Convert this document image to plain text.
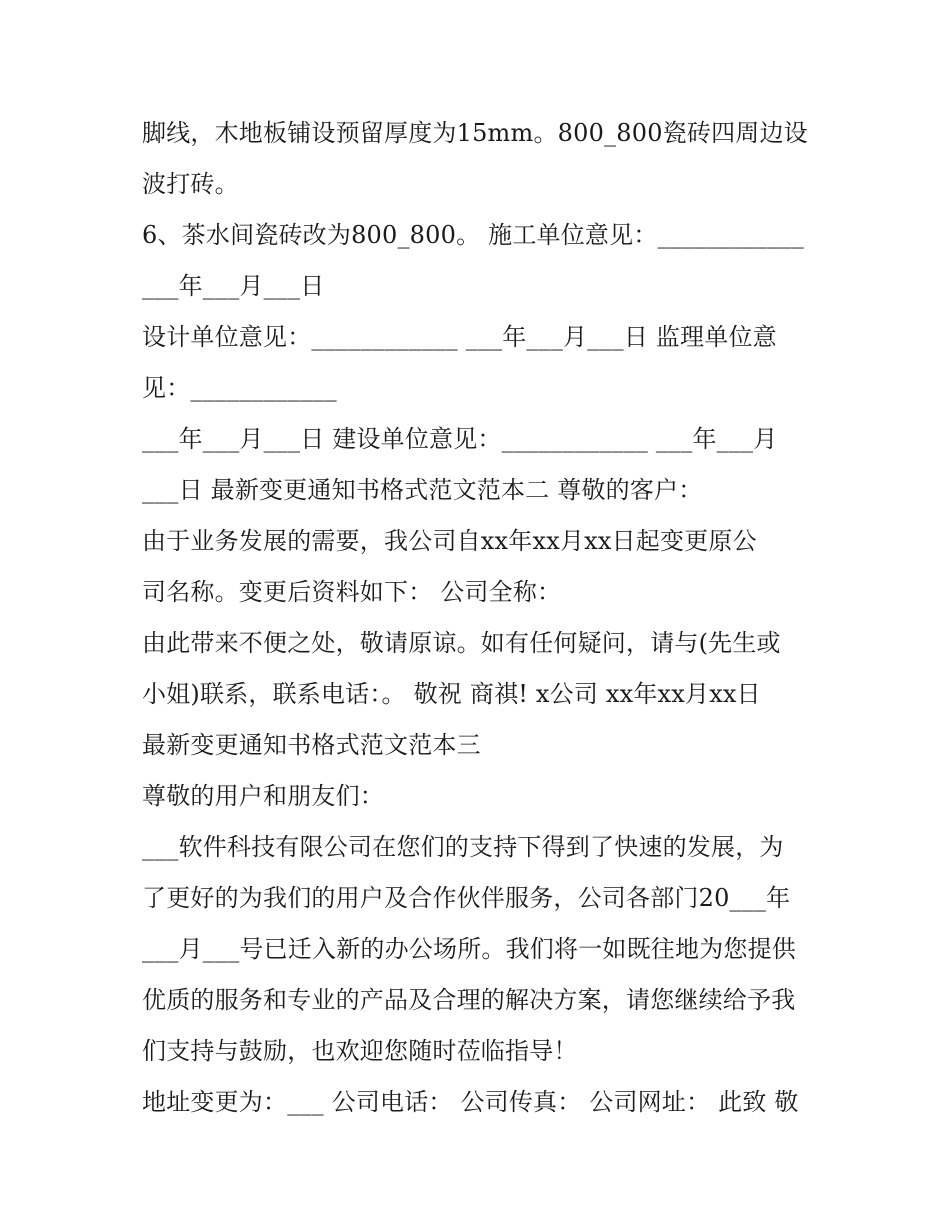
脚线，木地板铺设预留厚度为15mm。800_800瓷砖四周边设
波打砖。
6、茶水间瓷砖改为800_800。 施工单位意见：____________
___年___月___日
设计单位意见：____________ ___年___月___日 监理单位意
见：____________
___年___月___日 建设单位意见：____________ ___年___月
___日 最新变更通知书格式范文范本二 尊敬的客户：
由于业务发展的需要，我公司自xx年xx月xx日起变更原公
司名称。变更后资料如下： 公司全称：
由此带来不便之处，敬请原谅。如有任何疑问，请与(先生或
小姐)联系，联系电话：。 敬祝 商祺! x公司 xx年xx月xx日
最新变更通知书格式范文范本三
尊敬的用户和朋友们：
___软件科技有限公司在您们的支持下得到了快速的发展，为
了更好的为我们的用户及合作伙伴服务，公司各部门20___年
___月___号已迁入新的办公场所。我们将一如既往地为您提供
优质的服务和专业的产品及合理的解决方案，请您继续给予我
们支持与鼓励，也欢迎您随时莅临指导！
地址变更为：___ 公司电话： 公司传真： 公司网址： 此致 敬
